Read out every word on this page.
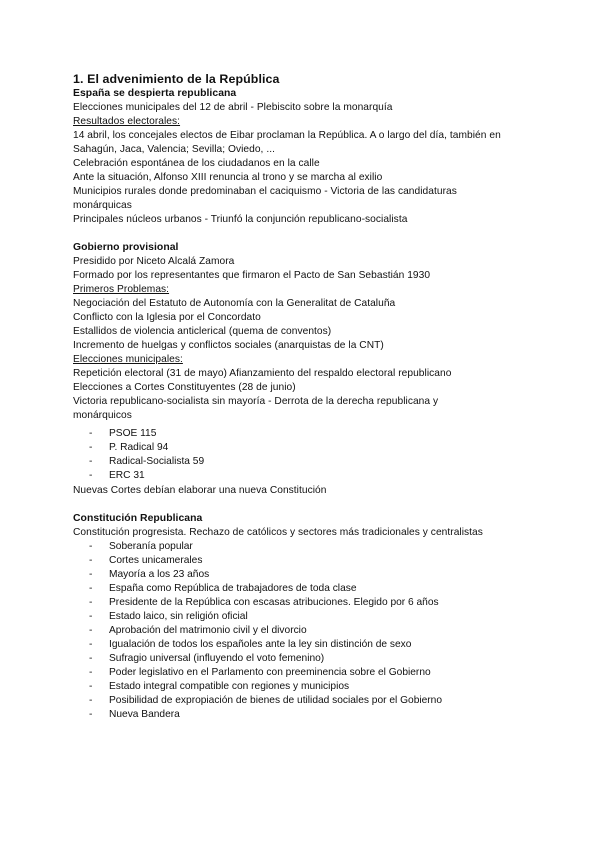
1. El advenimiento de la República
España se despierta republicana
Elecciones municipales del 12 de abril - Plebiscito sobre la monarquía
Resultados electorales:
14 abril, los concejales electos de Eibar proclaman la República. A o largo del día, también en Sahagún, Jaca, Valencia; Sevilla; Oviedo, ...
Celebración espontánea de los ciudadanos en la calle
Ante la situación, Alfonso XIII renuncia al trono y se marcha al exilio
Municipios rurales donde predominaban el caciquismo - Victoria de las candidaturas monárquicas
Principales núcleos urbanos - Triunfó la conjunción republicano-socialista
Gobierno provisional
Presidido por Niceto Alcalá Zamora
Formado por los representantes que firmaron el Pacto de San Sebastián 1930
Primeros Problemas:
Negociación del Estatuto de Autonomía con la Generalitat de Cataluña
Conflicto con la Iglesia por el Concordato
Estallidos de violencia anticlerical (quema de conventos)
Incremento de huelgas y conflictos sociales (anarquistas de la CNT)
Elecciones municipales:
Repetición electoral (31 de mayo) Afianzamiento del respaldo electoral republicano
Elecciones a Cortes Constituyentes (28 de junio)
Victoria republicano-socialista sin mayoría - Derrota de la derecha republicana y monárquicos
- PSOE 115
- P. Radical 94
- Radical-Socialista 59
- ERC 31
Nuevas Cortes debían elaborar una nueva Constitución
Constitución Republicana
Constitución progresista. Rechazo de católicos y sectores más tradicionales y centralistas
- Soberanía popular
- Cortes unicamerales
- Mayoría a los 23 años
- España como República de trabajadores de toda clase
- Presidente de la República con escasas atribuciones. Elegido por 6 años
- Estado laico, sin religión oficial
- Aprobación del matrimonio civil y el divorcio
- Igualación de todos los españoles ante la ley sin distinción de sexo
- Sufragio universal (influyendo el voto femenino)
- Poder legislativo en el Parlamento con preeminencia sobre el Gobierno
- Estado integral compatible con regiones y municipios
- Posibilidad de expropiación de bienes de utilidad sociales por el Gobierno
- Nueva Bandera
